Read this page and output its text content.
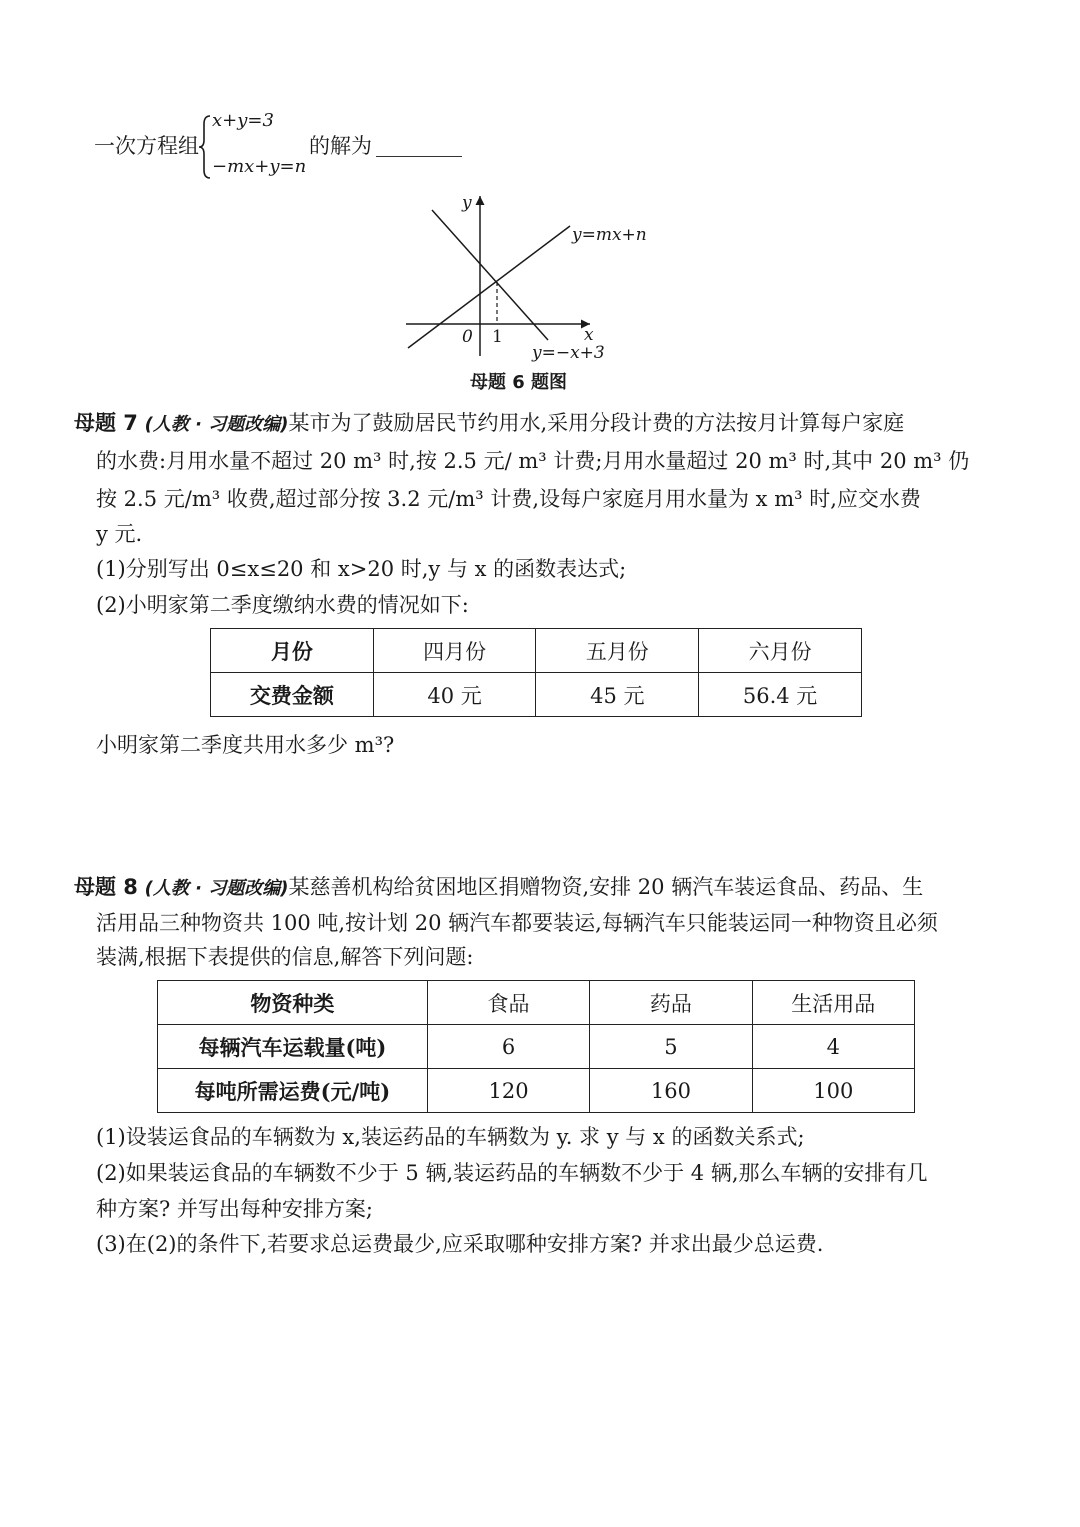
一次方程组
x+y=3
−mx+y=n
的解为
y
x
0 1
y=mx+n
y=−x+3
母题 6 题图
母题 7 (人教 · 习题改编)某市为了鼓励居民节约用水,采用分段计费的方法按月计算每户家庭
的水费:月用水量不超过 20 m³ 时,按 2.5 元/ m³ 计费;月用水量超过 20 m³ 时,其中 20 m³ 仍
按 2.5 元/m³ 收费,超过部分按 3.2 元/m³ 计费,设每户家庭月用水量为 x m³ 时,应交水费
y 元.
(1)分别写出 0≤x≤20 和 x>20 时,y 与 x 的函数表达式;
(2)小明家第二季度缴纳水费的情况如下:
月份	四月份	五月份	六月份
交费金额	40 元	45 元	56.4 元
小明家第二季度共用水多少 m³?
母题 8 (人教 · 习题改编)某慈善机构给贫困地区捐赠物资,安排 20 辆汽车装运食品、药品、生
活用品三种物资共 100 吨,按计划 20 辆汽车都要装运,每辆汽车只能装运同一种物资且必须
装满,根据下表提供的信息,解答下列问题:
物资种类	食品	药品	生活用品
每辆汽车运载量(吨)	6	5	4
每吨所需运费(元/吨)	120	160	100
(1)设装运食品的车辆数为 x,装运药品的车辆数为 y. 求 y 与 x 的函数关系式;
(2)如果装运食品的车辆数不少于 5 辆,装运药品的车辆数不少于 4 辆,那么车辆的安排有几
种方案? 并写出每种安排方案;
(3)在(2)的条件下,若要求总运费最少,应采取哪种安排方案? 并求出最少总运费.
